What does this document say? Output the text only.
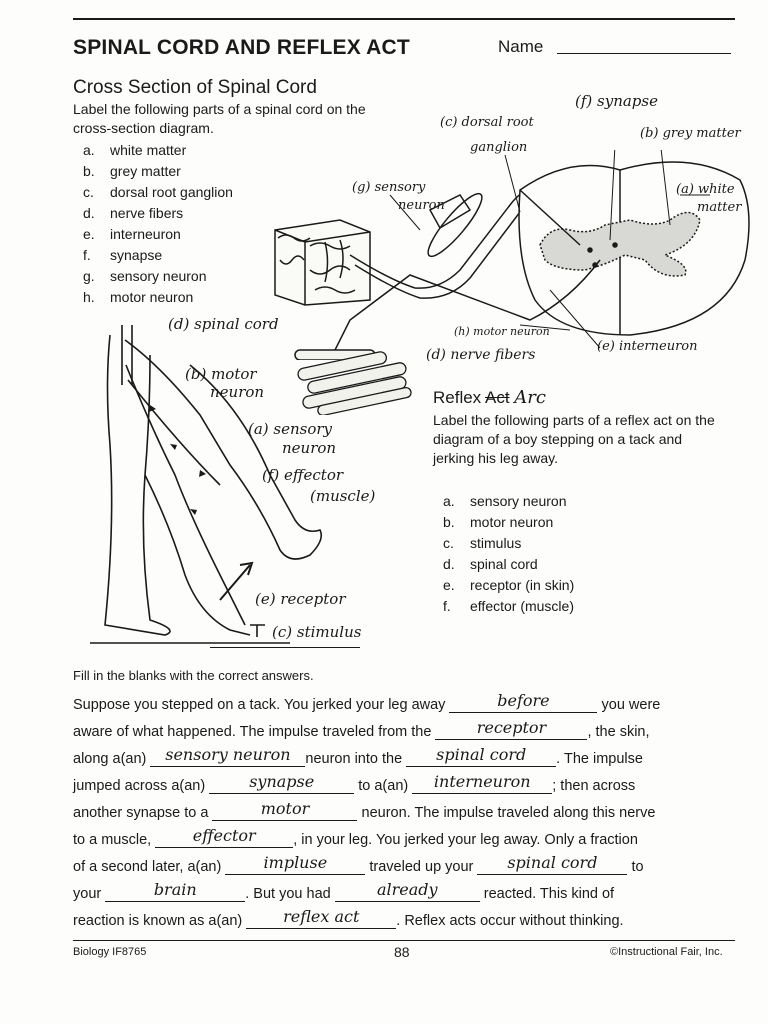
SPINAL CORD AND REFLEX ACT	Name
Cross Section of Spinal Cord
Label the following parts of a spinal cord on the cross-section diagram.
a. white matter
b. grey matter
c. dorsal root ganglion
d. nerve fibers
e. interneuron
f. synapse
g. sensory neuron
h. motor neuron
(f) synapse
(c) dorsal root
ganglion
(b) grey matter
(a) white
matter
(g) sensory
neuron
(h) motor neuron
(d) nerve fibers
(e) interneuron
(d) spinal cord
(b) motor
neuron
(a) sensory
neuron
(f) effector
(muscle)
(e) receptor
(c) stimulus
Reflex Act Arc
Label the following parts of a reflex act on the diagram of a boy stepping on a tack and jerking his leg away.
a. sensory neuron
b. motor neuron
c. stimulus
d. spinal cord
e. receptor (in skin)
f. effector (muscle)
Fill in the blanks with the correct answers.
Suppose you stepped on a tack. You jerked your leg away	before	you were
aware of what happened. The impulse traveled from the	receptor	, the skin,
along a(an) sensory neuron neuron into the spinal cord . The impulse
jumped across a(an)	synapse	to a(an) interneuron ; then across
another synapse to a	motor	neuron. The impulse traveled along this nerve
to a muscle,	effector	, in your leg. You jerked your leg away. Only a fraction
of a second later, a(an)	impluse	traveled up your spinal cord to
your	brain	. But you had	already	reacted. This kind of
reaction is known as a(an)	reflex act	. Reflex acts occur without thinking.
Biology IF8765	88	©Instructional Fair, Inc.
